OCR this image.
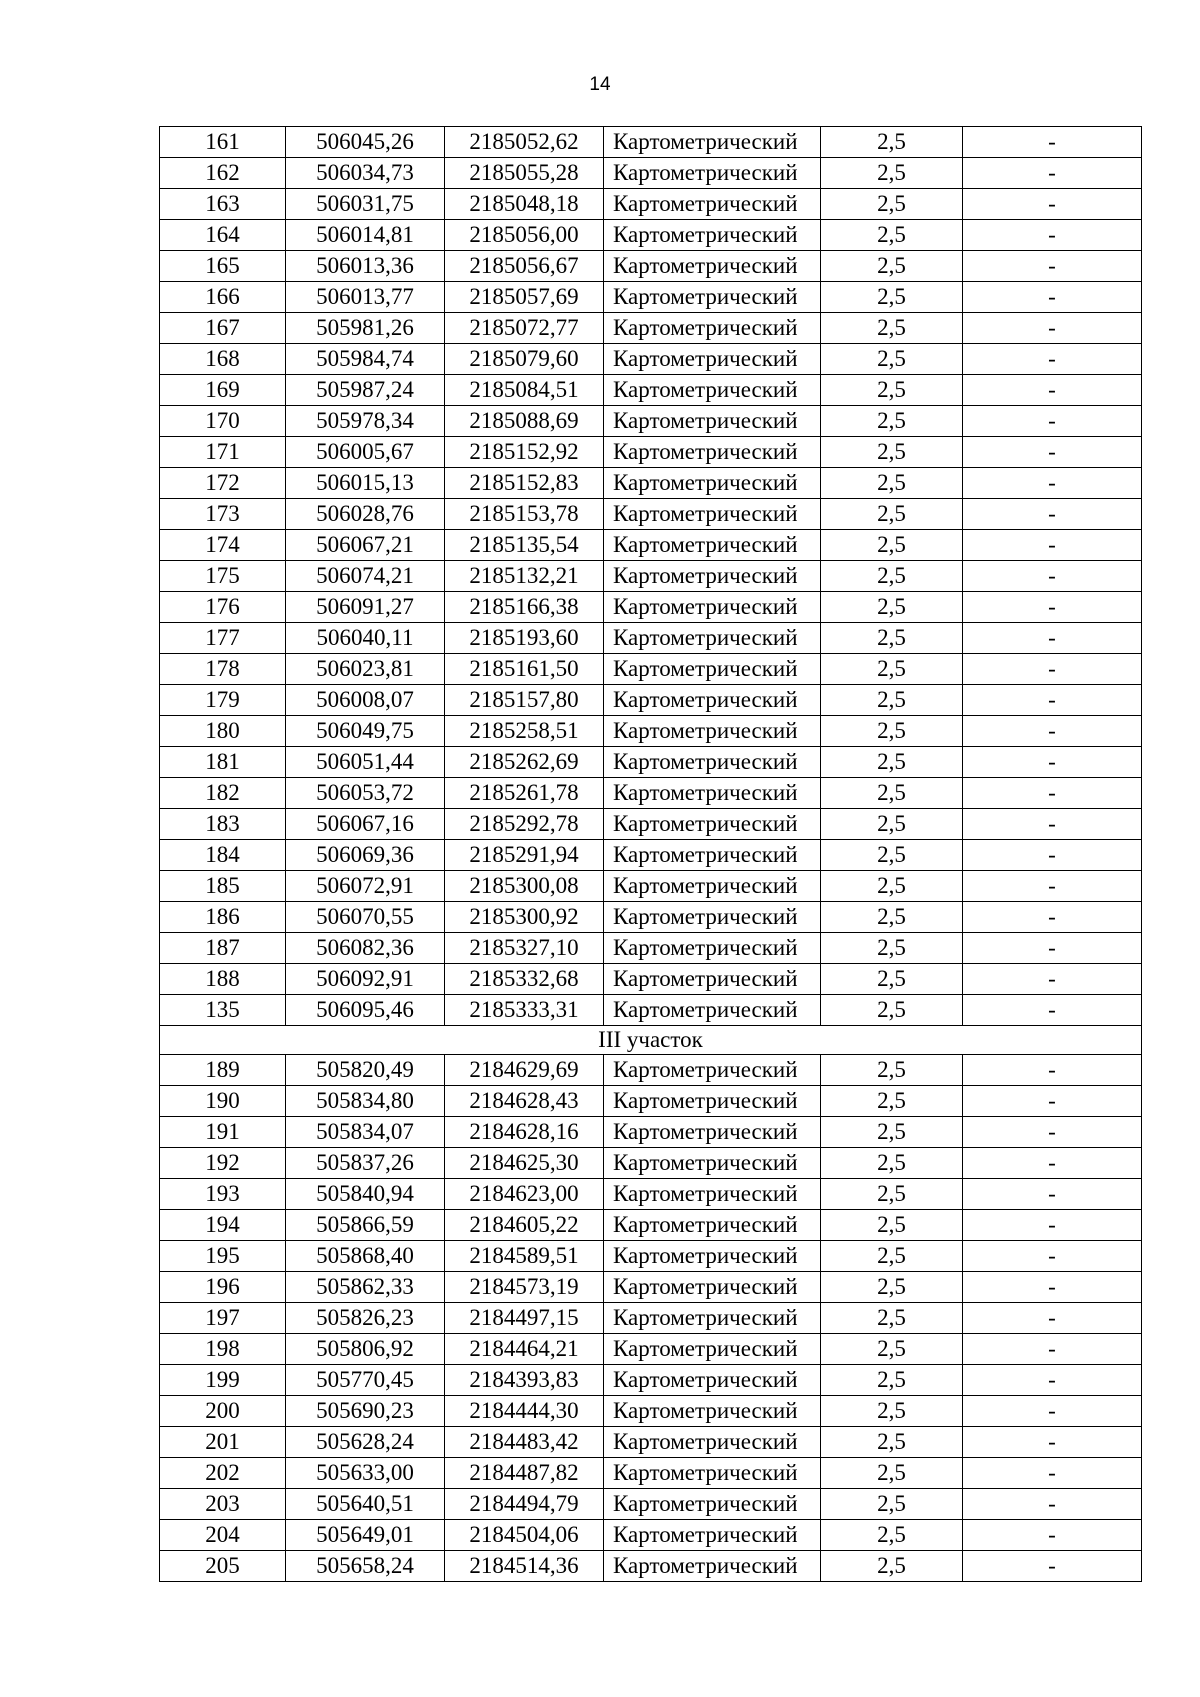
14
161	506045,26	2185052,62	Картометрический	2,5	-
162	506034,73	2185055,28	Картометрический	2,5	-
163	506031,75	2185048,18	Картометрический	2,5	-
164	506014,81	2185056,00	Картометрический	2,5	-
165	506013,36	2185056,67	Картометрический	2,5	-
166	506013,77	2185057,69	Картометрический	2,5	-
167	505981,26	2185072,77	Картометрический	2,5	-
168	505984,74	2185079,60	Картометрический	2,5	-
169	505987,24	2185084,51	Картометрический	2,5	-
170	505978,34	2185088,69	Картометрический	2,5	-
171	506005,67	2185152,92	Картометрический	2,5	-
172	506015,13	2185152,83	Картометрический	2,5	-
173	506028,76	2185153,78	Картометрический	2,5	-
174	506067,21	2185135,54	Картометрический	2,5	-
175	506074,21	2185132,21	Картометрический	2,5	-
176	506091,27	2185166,38	Картометрический	2,5	-
177	506040,11	2185193,60	Картометрический	2,5	-
178	506023,81	2185161,50	Картометрический	2,5	-
179	506008,07	2185157,80	Картометрический	2,5	-
180	506049,75	2185258,51	Картометрический	2,5	-
181	506051,44	2185262,69	Картометрический	2,5	-
182	506053,72	2185261,78	Картометрический	2,5	-
183	506067,16	2185292,78	Картометрический	2,5	-
184	506069,36	2185291,94	Картометрический	2,5	-
185	506072,91	2185300,08	Картометрический	2,5	-
186	506070,55	2185300,92	Картометрический	2,5	-
187	506082,36	2185327,10	Картометрический	2,5	-
188	506092,91	2185332,68	Картометрический	2,5	-
135	506095,46	2185333,31	Картометрический	2,5	-
III участок					
189	505820,49	2184629,69	Картометрический	2,5	-
190	505834,80	2184628,43	Картометрический	2,5	-
191	505834,07	2184628,16	Картометрический	2,5	-
192	505837,26	2184625,30	Картометрический	2,5	-
193	505840,94	2184623,00	Картометрический	2,5	-
194	505866,59	2184605,22	Картометрический	2,5	-
195	505868,40	2184589,51	Картометрический	2,5	-
196	505862,33	2184573,19	Картометрический	2,5	-
197	505826,23	2184497,15	Картометрический	2,5	-
198	505806,92	2184464,21	Картометрический	2,5	-
199	505770,45	2184393,83	Картометрический	2,5	-
200	505690,23	2184444,30	Картометрический	2,5	-
201	505628,24	2184483,42	Картометрический	2,5	-
202	505633,00	2184487,82	Картометрический	2,5	-
203	505640,51	2184494,79	Картометрический	2,5	-
204	505649,01	2184504,06	Картометрический	2,5	-
205	505658,24	2184514,36	Картометрический	2,5	-
